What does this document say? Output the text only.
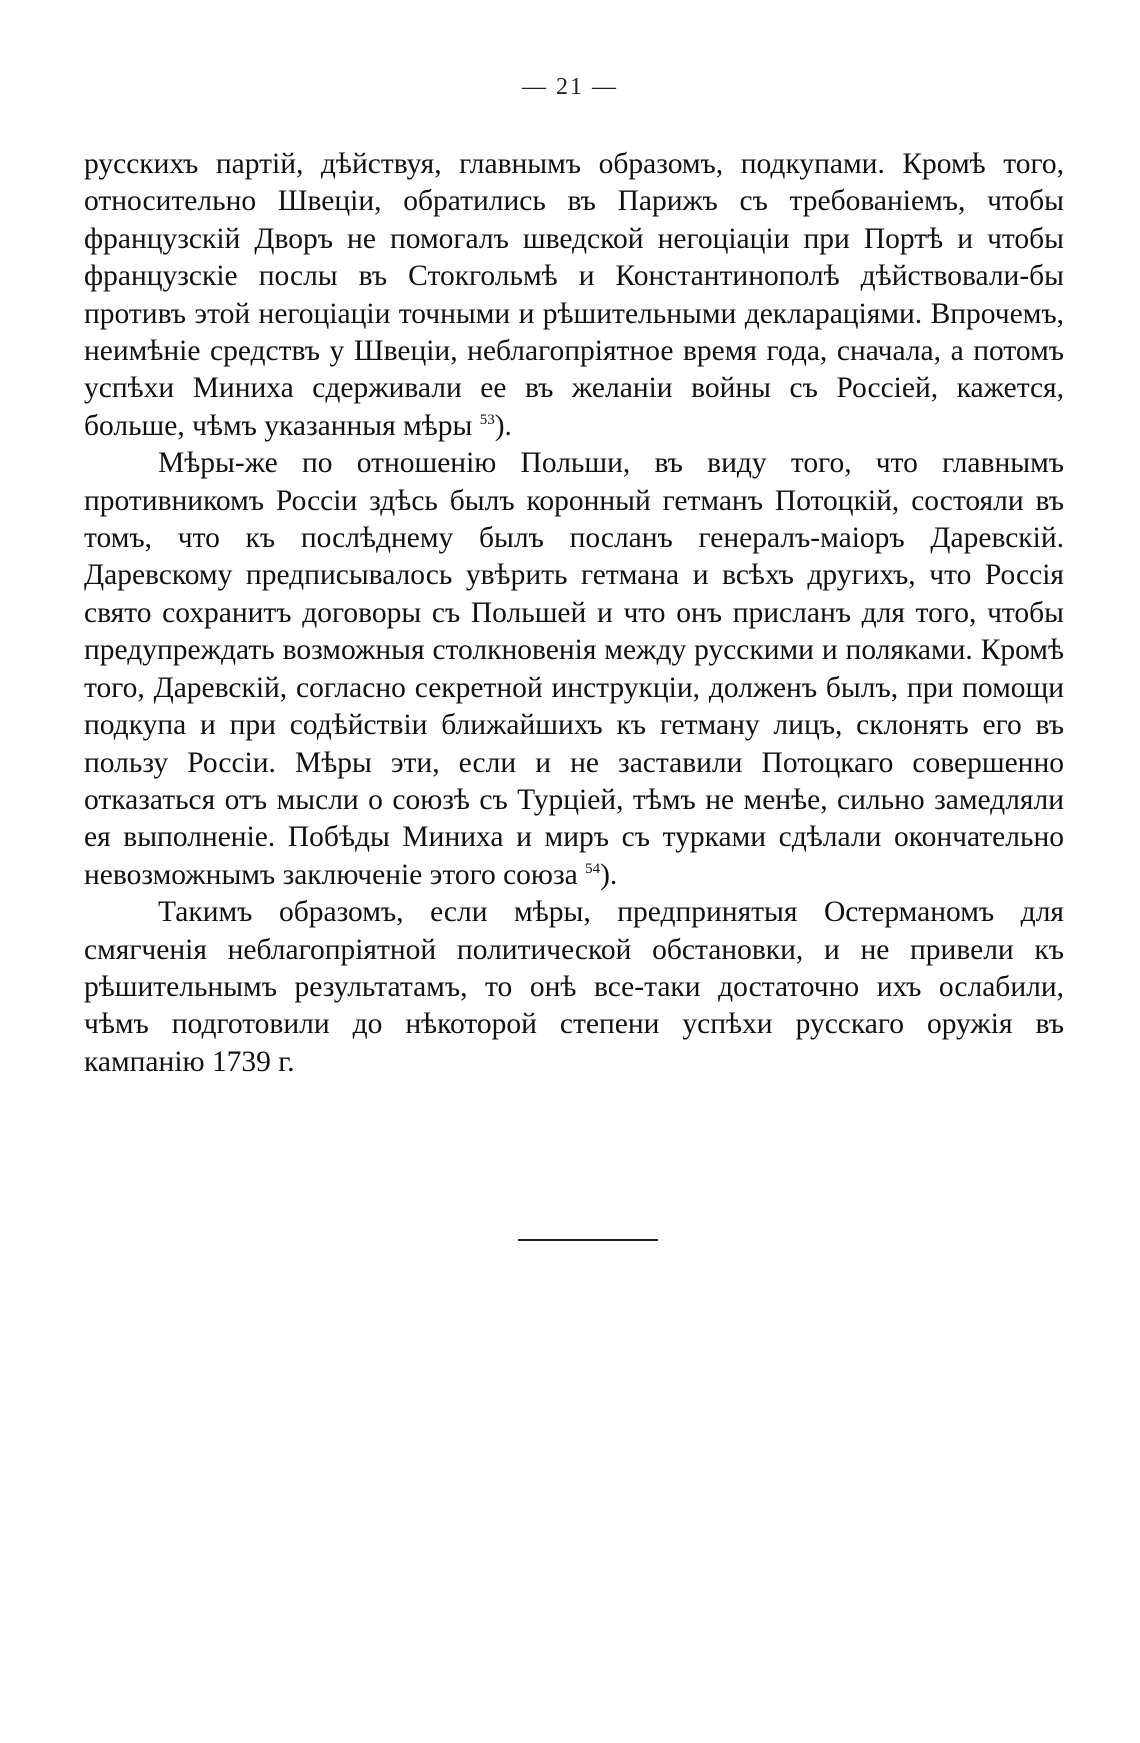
— 21 —

русскихъ партій, дѣйствуя, главнымъ образомъ, подкупами. Кромѣ того, относительно Швеціи, обратились въ Парижъ съ требованіемъ, чтобы французскій Дворъ не помогалъ шведской негоціаціи при Портѣ и чтобы французскіе послы въ Стокгольмѣ и Константинополѣ дѣйствовали-бы противъ этой негоціаціи точными и рѣшительными деклараціями. Впрочемъ, неимѣніе средствъ у Швеціи, неблагопріятное время года, сначала, а потомъ успѣхи Миниха сдерживали ее въ желаніи войны съ Россіей, кажется, больше, чѣмъ указанныя мѣры $^{53}$).

Мѣры-же по отношенію Польши, въ виду того, что главнымъ противникомъ Россіи здѣсь былъ коронный гетманъ Потоцкій, состояли въ томъ, что къ послѣднему былъ посланъ генералъ-маіоръ Даревскій. Даревскому предписывалось увѣрить гетмана и всѣхъ другихъ, что Россія свято сохранитъ договоры съ Польшей и что онъ присланъ для того, чтобы предупреждать возможныя столкновенія между русскими и поляками. Кромѣ того, Даревскій, согласно секретной инструкціи, долженъ былъ, при помощи подкупа и при содѣйствіи ближайшихъ къ гетману лицъ, склонять его въ пользу Россіи. Мѣры эти, если и не заставили Потоцкаго совершенно отказаться отъ мысли о союзѣ съ Турціей, тѣмъ не менѣе, сильно замедляли ея выполненіе. Побѣды Миниха и миръ съ турками сдѣлали окончательно невозможнымъ заключеніе этого союза $^{54}$).

Такимъ образомъ, если мѣры, предпринятыя Остерманомъ для смягченія неблагопріятной политической обстановки, и не привели къ рѣшительнымъ результатамъ, то онѣ все-таки достаточно ихъ ослабили, чѣмъ подготовили до нѣкоторой степени успѣхи русскаго оружія въ кампанію 1739 г.
